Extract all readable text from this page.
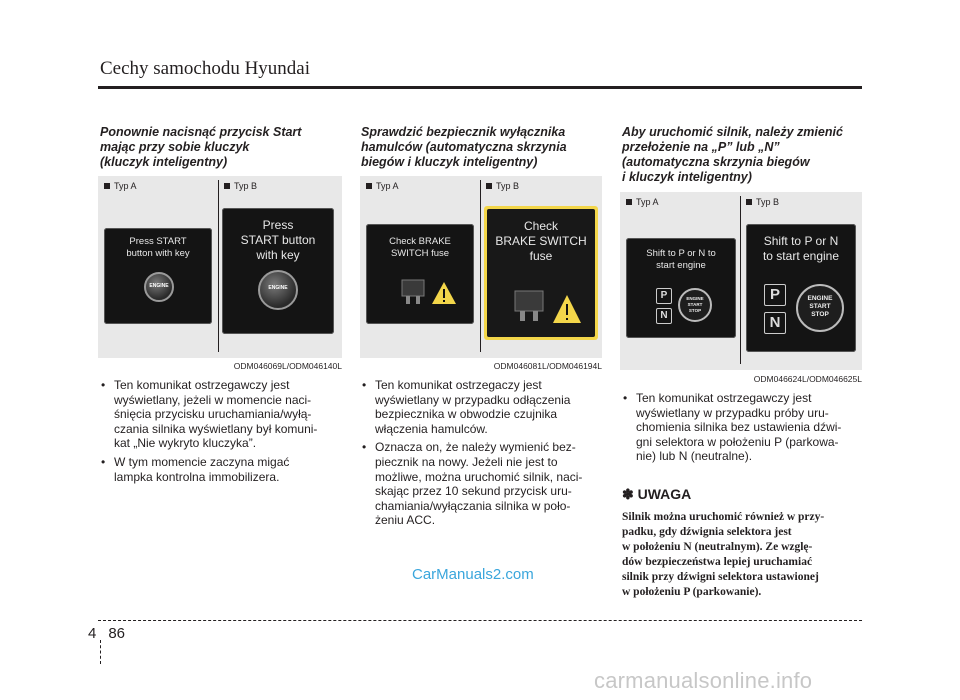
Cechy samochodu Hyundai
Ponownie nacisnąć przycisk Start
mając przy sobie kluczyk
(kluczyk inteligentny)
Typ A	Typ B
Press START
button with key
ENGINE
Press
START button
with key
ENGINE
ODM046069L/ODM046140L
• Ten komunikat ostrzegawczy jest
wyświetlany, jeżeli w momencie naci-
śnięcia przycisku uruchamiania/wyłą-
czania silnika wyświetlany był komuni-
kat „Nie wykryto kluczyka”.
• W tym momencie zaczyna migać
lampka kontrolna immobilizera.
Sprawdzić bezpiecznik wyłącznika
hamulców (automatyczna skrzynia
biegów i kluczyk inteligentny)
Typ A	Typ B
Check BRAKE
SWITCH fuse
Check
BRAKE SWITCH
fuse
ODM046081L/ODM046194L
• Ten komunikat ostrzegaczy jest
wyświetlany w przypadku odłączenia
bezpiecznika w obwodzie czujnika
włączenia hamulców.
• Oznacza on, że należy wymienić bez-
piecznik na nowy. Jeżeli nie jest to
możliwe, można uruchomić silnik, naci-
skając przez 10 sekund przycisk uru-
chamiania/wyłączania silnika w poło-
żeniu ACC.
Aby uruchomić silnik, należy zmienić
przełożenie na „P” lub „N”
(automatyczna skrzynia biegów
i kluczyk inteligentny)
Typ A	Typ B
Shift to P or N to
start engine
P
N
ENGINE
START
STOP
Shift to P or N
to start engine
P
N
ENGINE
START
STOP
ODM046624L/ODM046625L
• Ten komunikat ostrzegawczy jest
wyświetlany w przypadku próby uru-
chomienia silnika bez ustawienia dźwi-
gni selektora w położeniu P (parkowa-
nie) lub N (neutralne).
✽ UWAGA
Silnik można uruchomić również w przy-
padku, gdy dźwignia selektora jest
w położeniu N (neutralnym). Ze wzglę-
dów bezpieczeństwa lepiej uruchamiać
silnik przy dźwigni selektora ustawionej
w położeniu P (parkowanie).
CarManuals2.com
4 86
carmanualsonline.info
